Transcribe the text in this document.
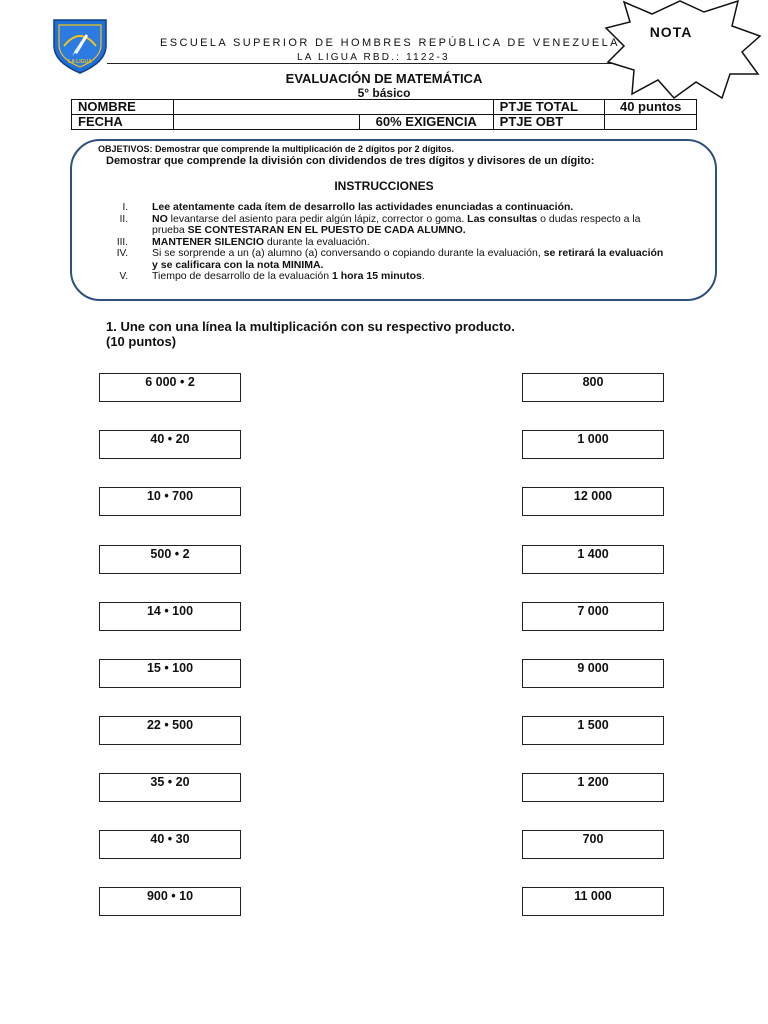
LA LIGUA
ESCUELA SUPERIOR DE HOMBRES REPÚBLICA DE VENEZUELA
LA LIGUA RBD.: 1122-3
NOTA
EVALUACIÓN DE MATEMÁTICA
5° básico
NOMBRE			PTJE TOTAL	40 puntos
FECHA		60% EXIGENCIA	PTJE OBT	
OBJETIVOS: Demostrar que comprende la multiplicación de 2 dígitos por 2 dígitos.
Demostrar que comprende la división con dividendos de tres dígitos y divisores de un dígito:
INSTRUCCIONES
I. Lee atentamente cada ítem de desarrollo las actividades enunciadas a continuación.
II. NO levantarse del asiento para pedir algún lápiz, corrector o goma. Las consultas o dudas respecto a la prueba SE CONTESTARAN EN EL PUESTO DE CADA ALUMNO.
III. MANTENER SILENCIO durante la evaluación.
IV. Si se sorprende a un (a) alumno (a) conversando o copiando durante la evaluación, se retirará la evaluación y se calificara con la nota MINIMA.
V. Tiempo de desarrollo de la evaluación 1 hora 15 minutos.
1. Une con una línea la multiplicación con su respectivo producto.
(10 puntos)
6 000 • 2
40 • 20
10 • 700
500 • 2
14 • 100
15 • 100
22 • 500
35 • 20
40 • 30
900 • 10
800
1 000
12 000
1 400
7 000
9 000
1 500
1 200
700
11 000
